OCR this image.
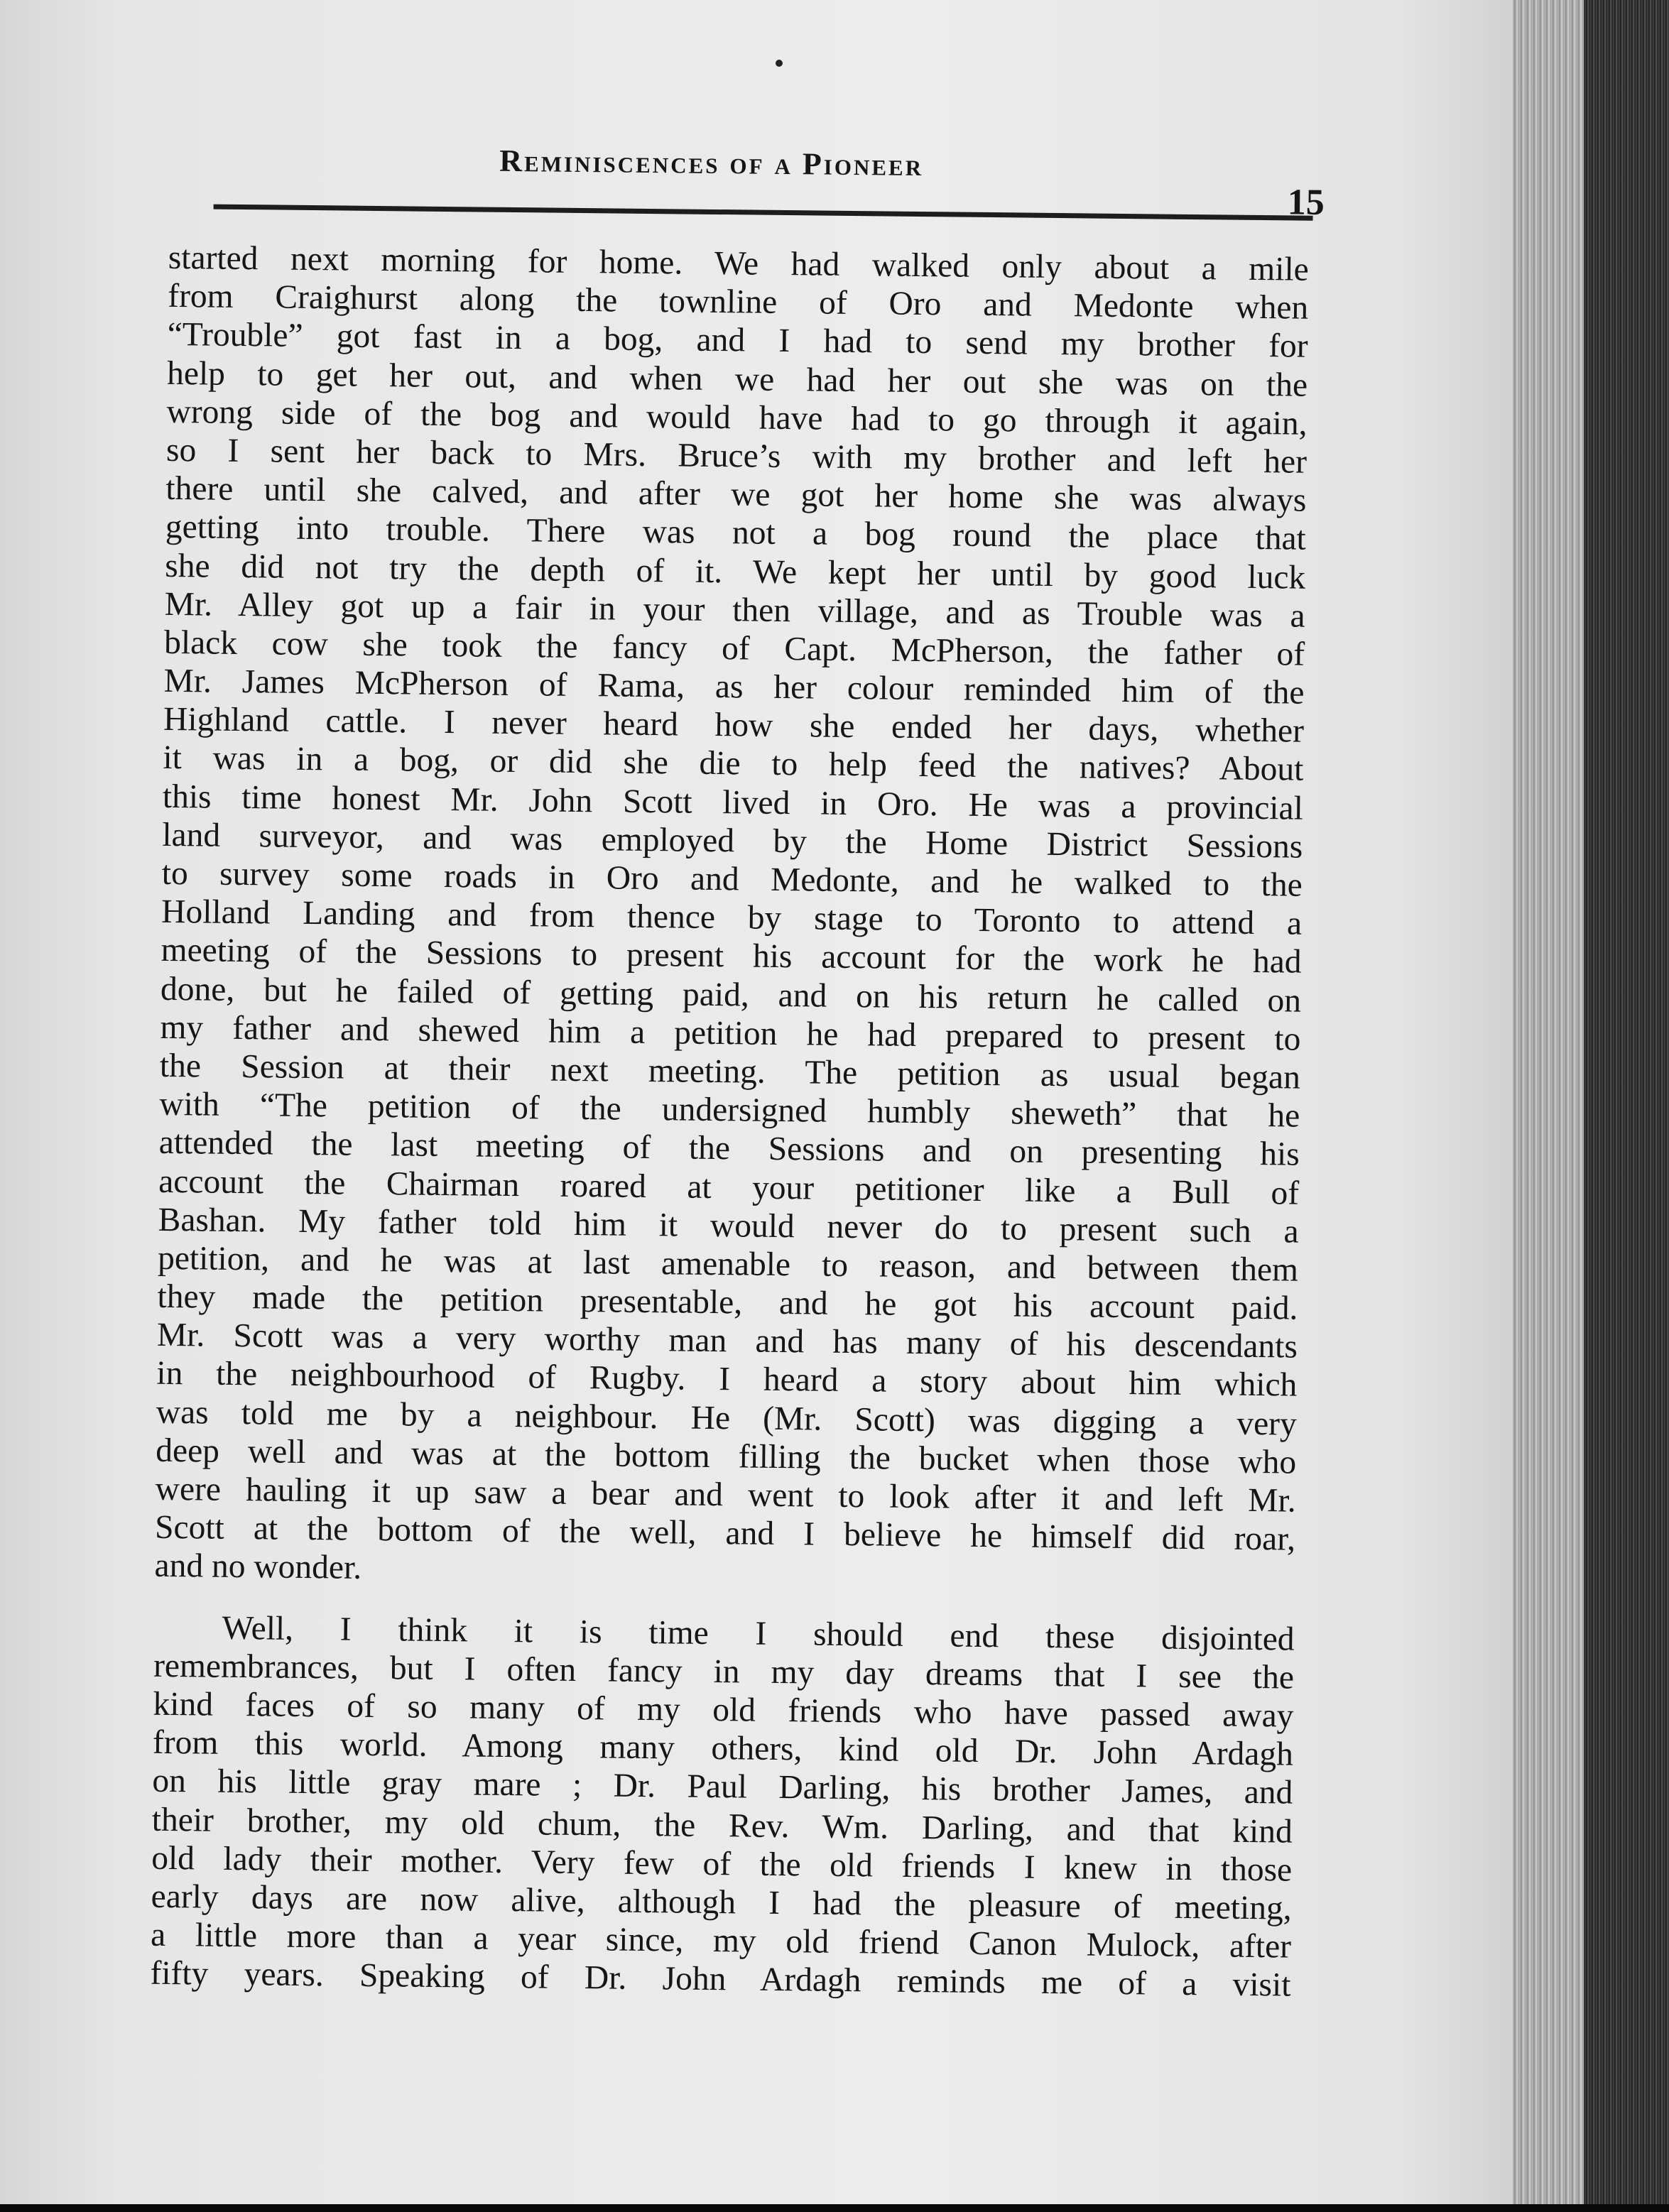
Reminiscences of a Pioneer
15
started next morning for home. We had walked only about a mile
from Craighurst along the townline of Oro and Medonte when
“Trouble” got fast in a bog, and I had to send my brother for
help to get her out, and when we had her out she was on the
wrong side of the bog and would have had to go through it again,
so I sent her back to Mrs. Bruce’s with my brother and left her
there until she calved, and after we got her home she was always
getting into trouble. There was not a bog round the place that
she did not try the depth of it. We kept her until by good luck
Mr. Alley got up a fair in your then village, and as Trouble was a
black cow she took the fancy of Capt. McPherson, the father of
Mr. James McPherson of Rama, as her colour reminded him of the
Highland cattle. I never heard how she ended her days, whether
it was in a bog, or did she die to help feed the natives? About
this time honest Mr. John Scott lived in Oro. He was a provincial
land surveyor, and was employed by the Home District Sessions
to survey some roads in Oro and Medonte, and he walked to the
Holland Landing and from thence by stage to Toronto to attend a
meeting of the Sessions to present his account for the work he had
done, but he failed of getting paid, and on his return he called on
my father and shewed him a petition he had prepared to present to
the Session at their next meeting. The petition as usual began
with “The petition of the undersigned humbly sheweth” that he
attended the last meeting of the Sessions and on presenting his
account the Chairman roared at your petitioner like a Bull of
Bashan. My father told him it would never do to present such a
petition, and he was at last amenable to reason, and between them
they made the petition presentable, and he got his account paid.
Mr. Scott was a very worthy man and has many of his descendants
in the neighbourhood of Rugby. I heard a story about him which
was told me by a neighbour. He (Mr. Scott) was digging a very
deep well and was at the bottom filling the bucket when those who
were hauling it up saw a bear and went to look after it and left Mr.
Scott at the bottom of the well, and I believe he himself did roar,
and no wonder.
Well, I think it is time I should end these disjointed
remembrances, but I often fancy in my day dreams that I see the
kind faces of so many of my old friends who have passed away
from this world. Among many others, kind old Dr. John Ardagh
on his little gray mare ; Dr. Paul Darling, his brother James, and
their brother, my old chum, the Rev. Wm. Darling, and that kind
old lady their mother. Very few of the old friends I knew in those
early days are now alive, although I had the pleasure of meeting,
a little more than a year since, my old friend Canon Mulock, after
fifty years. Speaking of Dr. John Ardagh reminds me of a visit
